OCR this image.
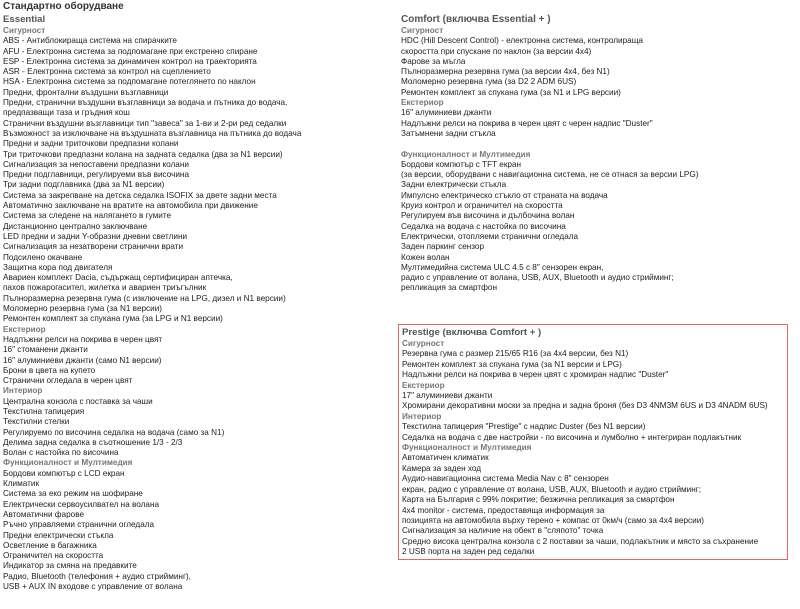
Стандартно оборудване
Essential
Сигурност
ABS - Антиблокираща система на спирачките
AFU - Електронна система за подпомагане при екстренно спиране
ESP - Електронна система за динамичен контрол на траекторията
ASR - Електронна система за контрол на сцеплението
HSA - Електронна система за подпомагане потеглянето по наклон
Предни, фронтални въздушни възглавници
Предни, странични въздушни възглавници за водача и пътника до водача,
предпазващи таза и гръдния кош
Странични въздушни възглавници тип "завеса" за 1-ви и 2-ри ред седалки
Възможност за изключване на въздушната възглавница на пътника до водача
Предни и задни триточкови предпазни колани
Три триточкови предпазни колана на задната седалка (два за N1 версии)
Сигнализация за непоставени предпазни колани
Предни подглавници, регулируеми във височина
Три задни подглавника (два за N1 версии)
Система за закрепване на детска седалка ISOFIX за двете задни места
Автоматично заключване на вратите на автомобила при движение
Система за следене на налягането в гумите
Дистанционно централно заключване
LED предни и задни Y-образни дневни светлини
Сигнализация за незатворени странични врати
Подсилено окачване
Защитна кора под двигателя
Авариен комплект Dacia, съдържащ сертифициран аптечка,
пахов пожарогасител, жилетка и авариен триъгълник
Пълноразмерна резервна гума (с изключение на LPG, дизел и N1 версии)
Моломерно резервна гума (за N1 версии)
Ремонтен комплект за спукана гума (за LPG и N1 версии)
Екстериор
Надлъжни релси на покрива в черен цвят
16" стоманени джанти
16" алуминиеви джанти (само N1 версии)
Брони в цвета на купето
Странични огледала в черен цвят
Интериор
Централна конзола с поставка за чаши
Текстилна тапицерия
Текстилни стелки
Регулируемо по височина седалка на водача (само за N1)
Делима задна седалка в съотношение 1/3 - 2/3
Волан с настойка по височина
Функционалност и Мултимедия
Бордови компютър с LCD екран
Климатик
Система за еко режим на шофиране
Електрически сервоусилвател на волана
Автоматични фарове
Ръчно управляеми странични огледала
Предни електрически стъкла
Осветление в багажника
Ограничител на скоростта
Индикатор за смяна на предавките
Радио, Bluetooth (телефония + аудио стрийминг),
USB + AUX IN входове с управление от волана
Comfort (включва Essential + )
Сигурност
HDC (Hill Descent Control) - електронна система, контролираща
скоростта при спускане по наклон (за версии 4x4)
Фарове за мъгла
Пълноразмерна резервна гума (за версии 4x4, без N1)
Моломерно резервна гума (за D2 2 ADM 6US)
Ремонтен комплект за спукана гума (за N1 и LPG версии)
Екстериор
16" алуминиеви джанти
Надлъжни релси на покрива в черен цвят с черен надпис "Duster"
Затъмнени задни стъкла
Функционалност и Мултимедия
Бордови компютър с TFT екран
(за версии, оборудвани с навигационна система, не се отнася за версии LPG)
Задни електрически стъкла
Импулсно електрическо стъкло от страната на водача
Круиз контрол и ограничител на скоростта
Регулируем във височина и дълбочина волан
Седалка на водача с настойка по височина
Електрически, отопляеми странични огледала
Заден паркинг сензор
Кожен волан
Мултимедийна система ULC 4.5 с 8" сензорен екран,
радио с управление от волана, USB, AUX, Bluetooth и аудио стрийминг;
репликация за смартфон
Prestige (включва Comfort + )
Сигурност
Резервна гума с размер 215/65 R16 (за 4x4 версии, без N1)
Ремонтен комплект за спукана гума (за N1 версии и LPG)
Надлъжни релси на покрива в черен цвят с хромиран надпис "Duster"
Екстериор
17" алуминиеви джанти
Хромирани декоративни моски за предна и задна броня (без D3 4NM3M 6US и D3 4NADM 6US)
Интериор
Текстилна тапицерия "Prestige" с надпис Duster (без N1 версии)
Седалка на водача с две настройки - по височина и лумболно + интегриран подлакътник
Функционалност и Мултимедия
Автоматичен климатик
Камера за заден ход
Аудио-навигационна система Media Nav с 8" сензорен
екран, радио с управление от волана, USB, AUX, Bluetooth и аудио стрийминг;
Карта на България с 99% покритие; безжична репликация за смартфон
4x4 monitor - система, предоставяща информация за
позицията на автомобила върху терено + компас от 0км/ч (само за 4x4 версии)
Сигнализация за наличие на обект в "сляпото" точка
Средно висока централна конзола с 2 поставки за чаши, подлакътник и място за съхранение
2 USB порта на заден ред седалки
